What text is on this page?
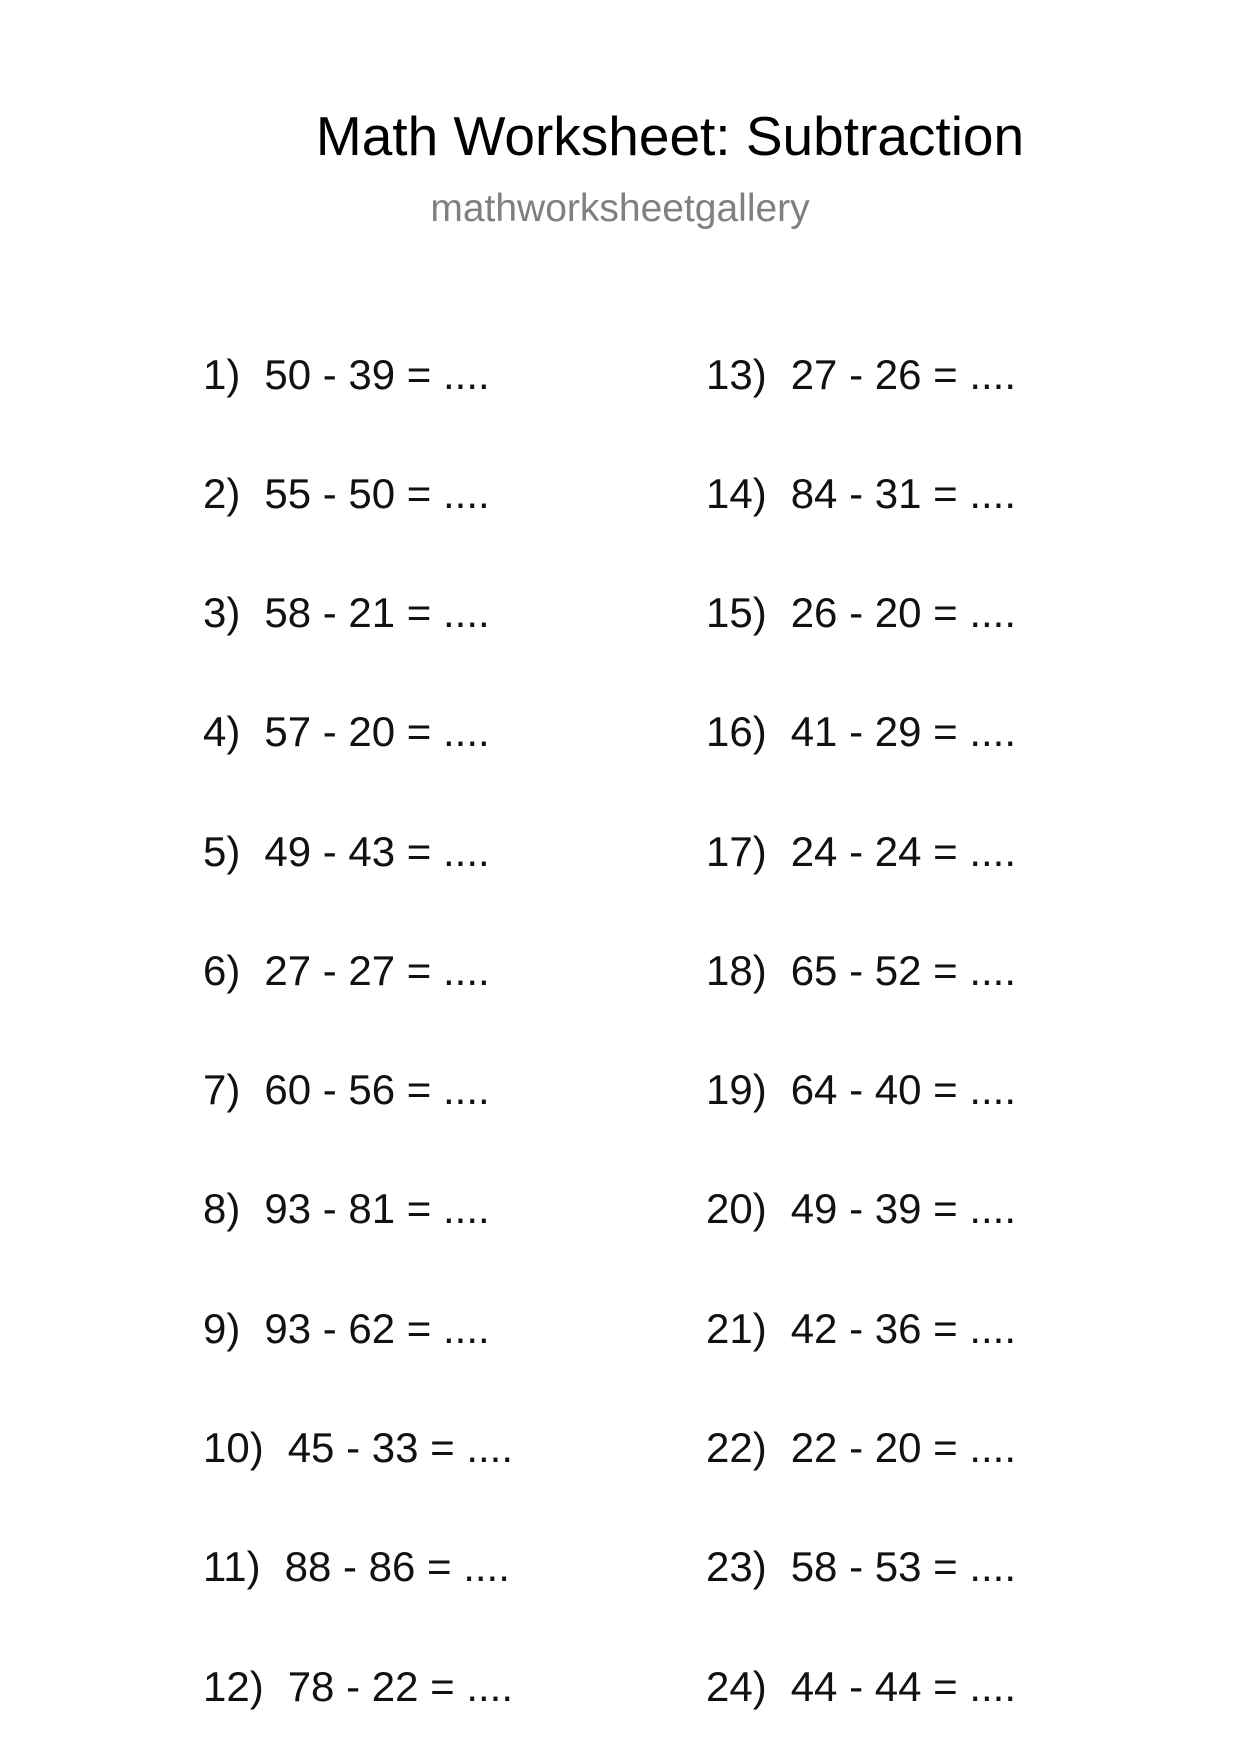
Math Worksheet: Subtraction
mathworksheetgallery
1) 50 - 39 = ....
2) 55 - 50 = ....
3) 58 - 21 = ....
4) 57 - 20 = ....
5) 49 - 43 = ....
6) 27 - 27 = ....
7) 60 - 56 = ....
8) 93 - 81 = ....
9) 93 - 62 = ....
10) 45 - 33 = ....
11) 88 - 86 = ....
12) 78 - 22 = ....
13) 27 - 26 = ....
14) 84 - 31 = ....
15) 26 - 20 = ....
16) 41 - 29 = ....
17) 24 - 24 = ....
18) 65 - 52 = ....
19) 64 - 40 = ....
20) 49 - 39 = ....
21) 42 - 36 = ....
22) 22 - 20 = ....
23) 58 - 53 = ....
24) 44 - 44 = ....
